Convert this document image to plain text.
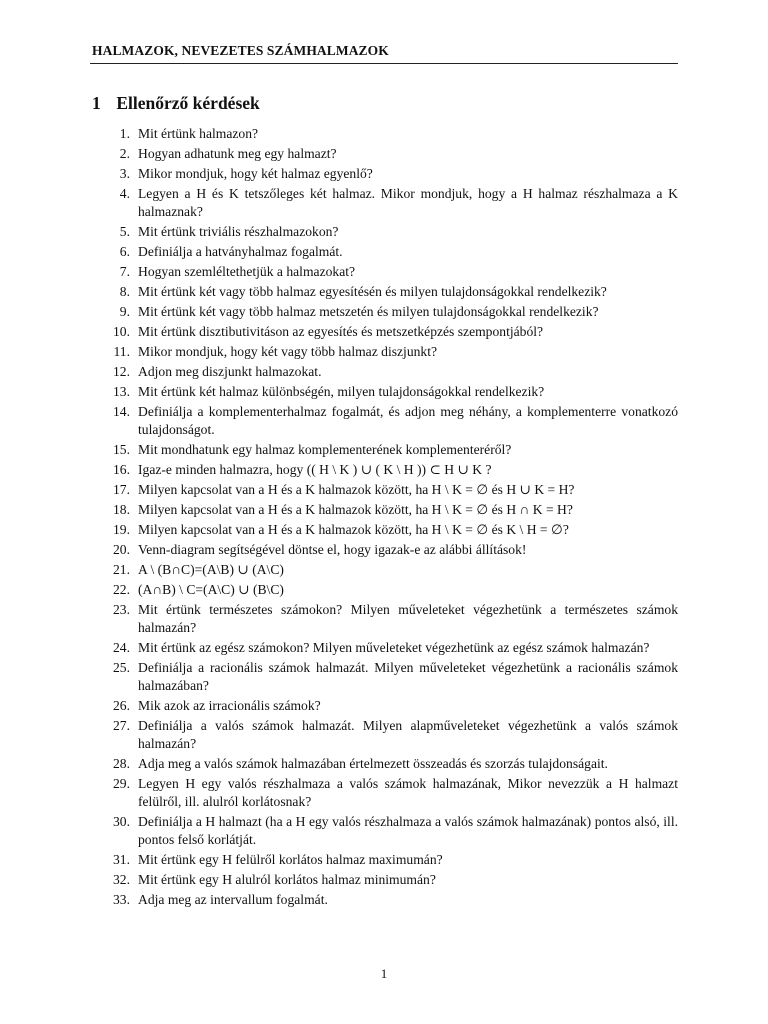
HALMAZOK, NEVEZETES SZÁMHALMAZOK
1 Ellenőrző kérdések
1. Mit értünk halmazon?
2. Hogyan adhatunk meg egy halmazt?
3. Mikor mondjuk, hogy két halmaz egyenlő?
4. Legyen a H és K tetszőleges két halmaz. Mikor mondjuk, hogy a H halmaz részhalmaza a K halmaznak?
5. Mit értünk triviális részhalmazokon?
6. Definiálja a hatványhalmaz fogalmát.
7. Hogyan szemléltethetjük a halmazokat?
8. Mit értünk két vagy több halmaz egyesítésén és milyen tulajdonságokkal rendelkezik?
9. Mit értünk két vagy több halmaz metszetén és milyen tulajdonságokkal rendelkezik?
10. Mit értünk disztibutivitáson az egyesítés és metszetképzés szempontjából?
11. Mikor mondjuk, hogy két vagy több halmaz diszjunkt?
12. Adjon meg diszjunkt halmazokat.
13. Mit értünk két halmaz különbségén, milyen tulajdonságokkal rendelkezik?
14. Definiálja a komplementerhalmaz fogalmát, és adjon meg néhány, a komplementerre vonatkozó tulajdonságot.
15. Mit mondhatunk egy halmaz komplementerének komplementeréről?
16. Igaz-e minden halmazra, hogy (( H \ K ) ∪ ( K \ H )) ⊂ H ∪ K ?
17. Milyen kapcsolat van a H és a K halmazok között, ha H \ K = ∅ és H ∪ K = H?
18. Milyen kapcsolat van a H és a K halmazok között, ha H \ K = ∅ és H ∩ K = H?
19. Milyen kapcsolat van a H és a K halmazok között, ha H \ K = ∅ és K \ H = ∅?
20. Venn-diagram segítségével döntse el, hogy igazak-e az alábbi állítások!
21. A \ (B∩C)=(A\B) ∪ (A\C)
22. (A∩B) \ C=(A\C) ∪ (B\C)
23. Mit értünk természetes számokon? Milyen műveleteket végezhetünk a természetes számok halmazán?
24. Mit értünk az egész számokon? Milyen műveleteket végezhetünk az egész számok halmazán?
25. Definiálja a racionális számok halmazát. Milyen műveleteket végezhetünk a racionális számok halmazában?
26. Mik azok az irracionális számok?
27. Definiálja a valós számok halmazát. Milyen alapműveleteket végezhetünk a valós számok halmazán?
28. Adja meg a valós számok halmazában értelmezett összeadás és szorzás tulajdonságait.
29. Legyen H egy valós részhalmaza a valós számok halmazának, Mikor nevezzük a H halmazt felülről, ill. alulról korlátosnak?
30. Definiálja a H halmazt (ha a H egy valós részhalmaza a valós számok halmazának) pontos alsó, ill. pontos felső korlátját.
31. Mit értünk egy H felülről korlátos halmaz maximumán?
32. Mit értünk egy H alulról korlátos halmaz minimumán?
33. Adja meg az intervallum fogalmát.
1
